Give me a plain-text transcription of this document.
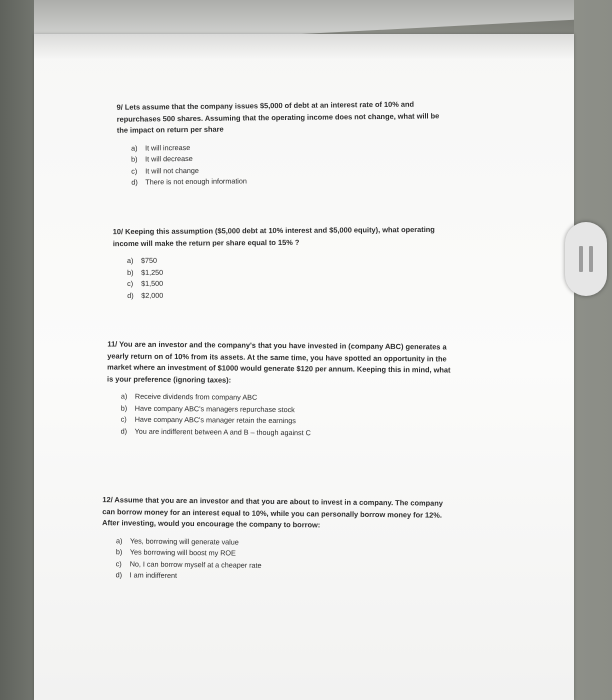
9/ Lets assume that the company issues $5,000 of debt at an interest rate of 10% and repurchases 500 shares. Assuming that the operating income does not change, what will be the impact on return per share
a) It will increase
b) It will decrease
c) It will not change
d) There is not enough information
10/ Keeping this assumption ($5,000 debt at 10% interest and $5,000 equity), what operating income will make the return per share equal to 15% ?
a) $750
b) $1,250
c) $1,500
d) $2,000
11/ You are an investor and the company's that you have invested in (company ABC) generates a yearly return on of 10% from its assets. At the same time, you have spotted an opportunity in the market where an investment of $1000 would generate $120 per annum. Keeping this in mind, what is your preference (ignoring taxes):
a) Receive dividends from company ABC
b) Have company ABC's managers repurchase stock
c) Have company ABC's manager retain the earnings
d) You are indifferent between A and B – though against C
12/ Assume that you are an investor and that you are about to invest in a company. The company can borrow money for an interest equal to 10%, while you can personally borrow money for 12%. After investing, would you encourage the company to borrow:
a) Yes, borrowing will generate value
b) Yes borrowing will boost my ROE
c) No, I can borrow myself at a cheaper rate
d) I am indifferent
